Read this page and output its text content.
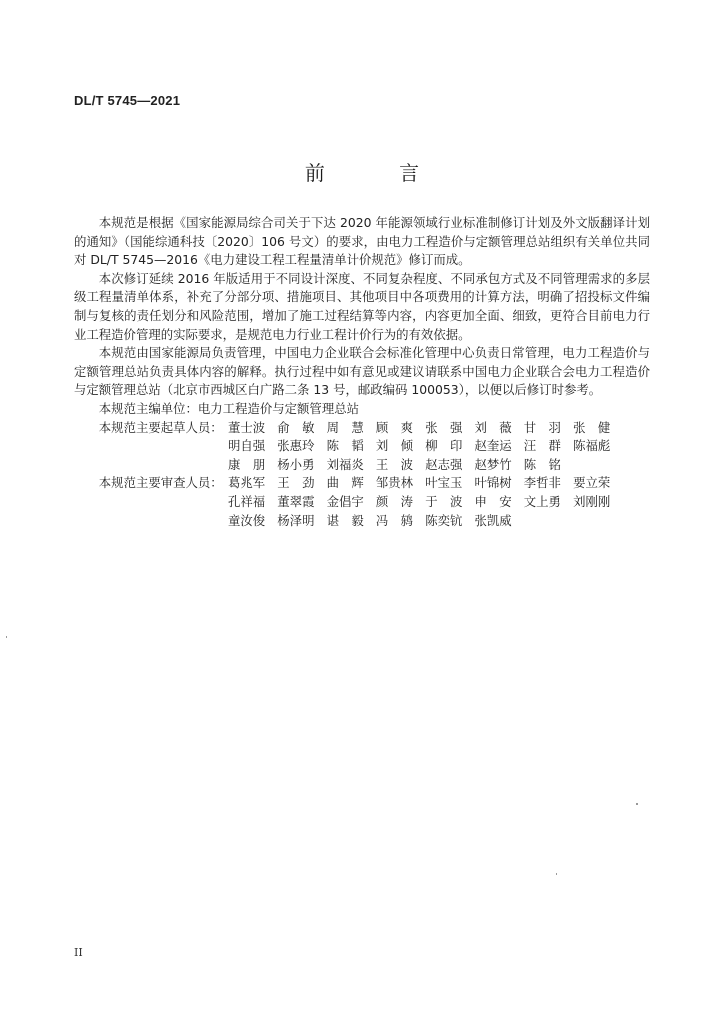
DL/T 5745—2021
前 言

本规范是根据《国家能源局综合司关于下达 2020 年能源领域行业标准制修订计划及外文版翻译计划的通知》（国能综通科技〔2020〕106 号文）的要求，由电力工程造价与定额管理总站组织有关单位共同对 DL/T 5745—2016《电力建设工程工程量清单计价规范》修订而成。

本次修订延续 2016 年版适用于不同设计深度、不同复杂程度、不同承包方式及不同管理需求的多层级工程量清单体系，补充了分部分项、措施项目、其他项目中各项费用的计算方法，明确了招投标文件编制与复核的责任划分和风险范围，增加了施工过程结算等内容，内容更加全面、细致，更符合目前电力行业工程造价管理的实际要求，是规范电力行业工程计价行为的有效依据。

本规范由国家能源局负责管理，中国电力企业联合会标准化管理中心负责日常管理，电力工程造价与定额管理总站负责具体内容的解释。执行过程中如有意见或建议请联系中国电力企业联合会电力工程造价与定额管理总站（北京市西城区白广路二条 13 号，邮政编码 100053），以便以后修订时参考。

本规范主编单位：电力工程造价与定额管理总站

本规范主要起草人员： 董士波 俞　敏 周　慧 顾　爽 张　强 刘　薇 甘　羽 张　健
明自强 张惠玲 陈　韬 刘　倾 柳　印 赵奎运 汪　群 陈福彪
康　朋 杨小勇 刘福炎 王　波 赵志强 赵梦竹 陈　铭
本规范主要审查人员： 葛兆军 王　劲 曲　辉 邹贵林 叶宝玉 叶锦树 李哲非 要立荣
孔祥福 董翠霞 金倡宇 颜　涛 于　波 申　安 文上勇 刘刚刚
童汝俊 杨泽明 谌　毅 冯　鸫 陈奕钪 张凯威
II
